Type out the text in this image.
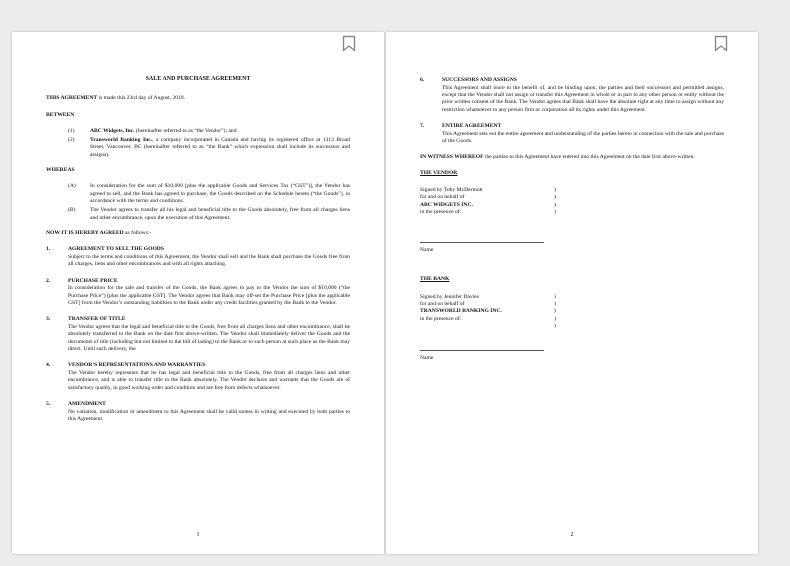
SALE AND PURCHASE AGREEMENT

THIS AGREEMENT is made this 23rd day of August, 2018.

BETWEEN

(1)	ABC Widgets, Inc. (hereinafter referred to as “the Vendor”); and
(2)	Transworld Banking Inc., a company incorporated in Canada and having its registered office at 1313 Broad Street, Vancouver, BC (hereinafter referred to as “the Bank” which expression shall include its successors and assigns).

WHEREAS

(A)	In consideration for the sum of $10,000 [plus the applicable Goods and Services Tax (“GST”)], the Vendor has agreed to sell, and the Bank has agreed to purchase, the Goods described on the Schedule hereto (“the Goods”), in accordance with the terms and conditions.
(B)	The Vendor agrees to transfer all his legal and beneficial title to the Goods absolutely, free from all charges liens and other encumbrance, upon the execution of this Agreement.

NOW IT IS HEREBY AGREED as follows:-

1.	AGREEMENT TO SELL THE GOODS
Subject to the terms and conditions of this Agreement, the Vendor shall sell and the Bank shall purchase the Goods free from all charges, liens and other encumbrances and with all rights attaching.
2.	PURCHASE PRICE
In consideration for the sale and transfer of the Goods, the Bank agrees to pay to the Vendor the sum of $10,000 (“the Purchase Price”) [plus the applicable GST]. The Vendor agrees that Bank may off-set the Purchase Price [plus the applicable GST] from the Vendor’s outstanding liabilities to the Bank under any credit facilities granted by the Bank to the Vendor.
3.	TRANSFER OF TITLE
The Vendor agrees that the legal and beneficial title to the Goods, free from all charges liens and other encumbrance, shall be absolutely transferred to the Bank on the date first above-written. The Vendor shall immediately deliver the Goods and the documents of title (including but not limited to the bill of lading) to the Bank or to such person at such place as the Bank may direct. Until such delivery, the
4.	VENDOR’S REPRESENTATIONS AND WARRANTIES
The Vendor hereby represents that he has legal and beneficial title to the Goods, free from all charges liens and other encumbrance, and is able to transfer title to the Bank absolutely. The Vendor declares and warrants that the Goods are of satisfactory quality, in good working order and condition and are free from defects whatsoever.
5.	AMENDMENT
No variation, modification or amendment to this Agreement shall be valid unless in writing and executed by both parties to this Agreement.
1
6.	SUCCESSORS AND ASSIGNS
This Agreement shall inure to the benefit of, and be binding upon, the parties and their successors and permitted assigns, except that the Vendor shall not assign or transfer this Agreement in whole or in part to any other person or entity without the prior written consent of the Bank. The Vendor agrees that Bank shall have the absolute right at any time to assign without any restriction whatsoever to any person firm or corporation all its rights under this Agreement.
7.	ENTIRE AGREEMENT
This Agreement sets out the entire agreement and understanding of the parties hereto in connection with the sale and purchase of the Goods.

IN WITNESS WHEREOF the parties to this Agreement have entered into this Agreement on the date first above-written.

THE VENDOR

Signed by Toby McDermott	)
for and on behalf of	)
ABC WIDGETS INC.	)
in the presence of:	)

Name

THE BANK

Signed by Jennifer Davies	)
for and on behalf of	)
TRANSWORLD BANKING INC.	)
in the presence of:	)
)

Name

2
